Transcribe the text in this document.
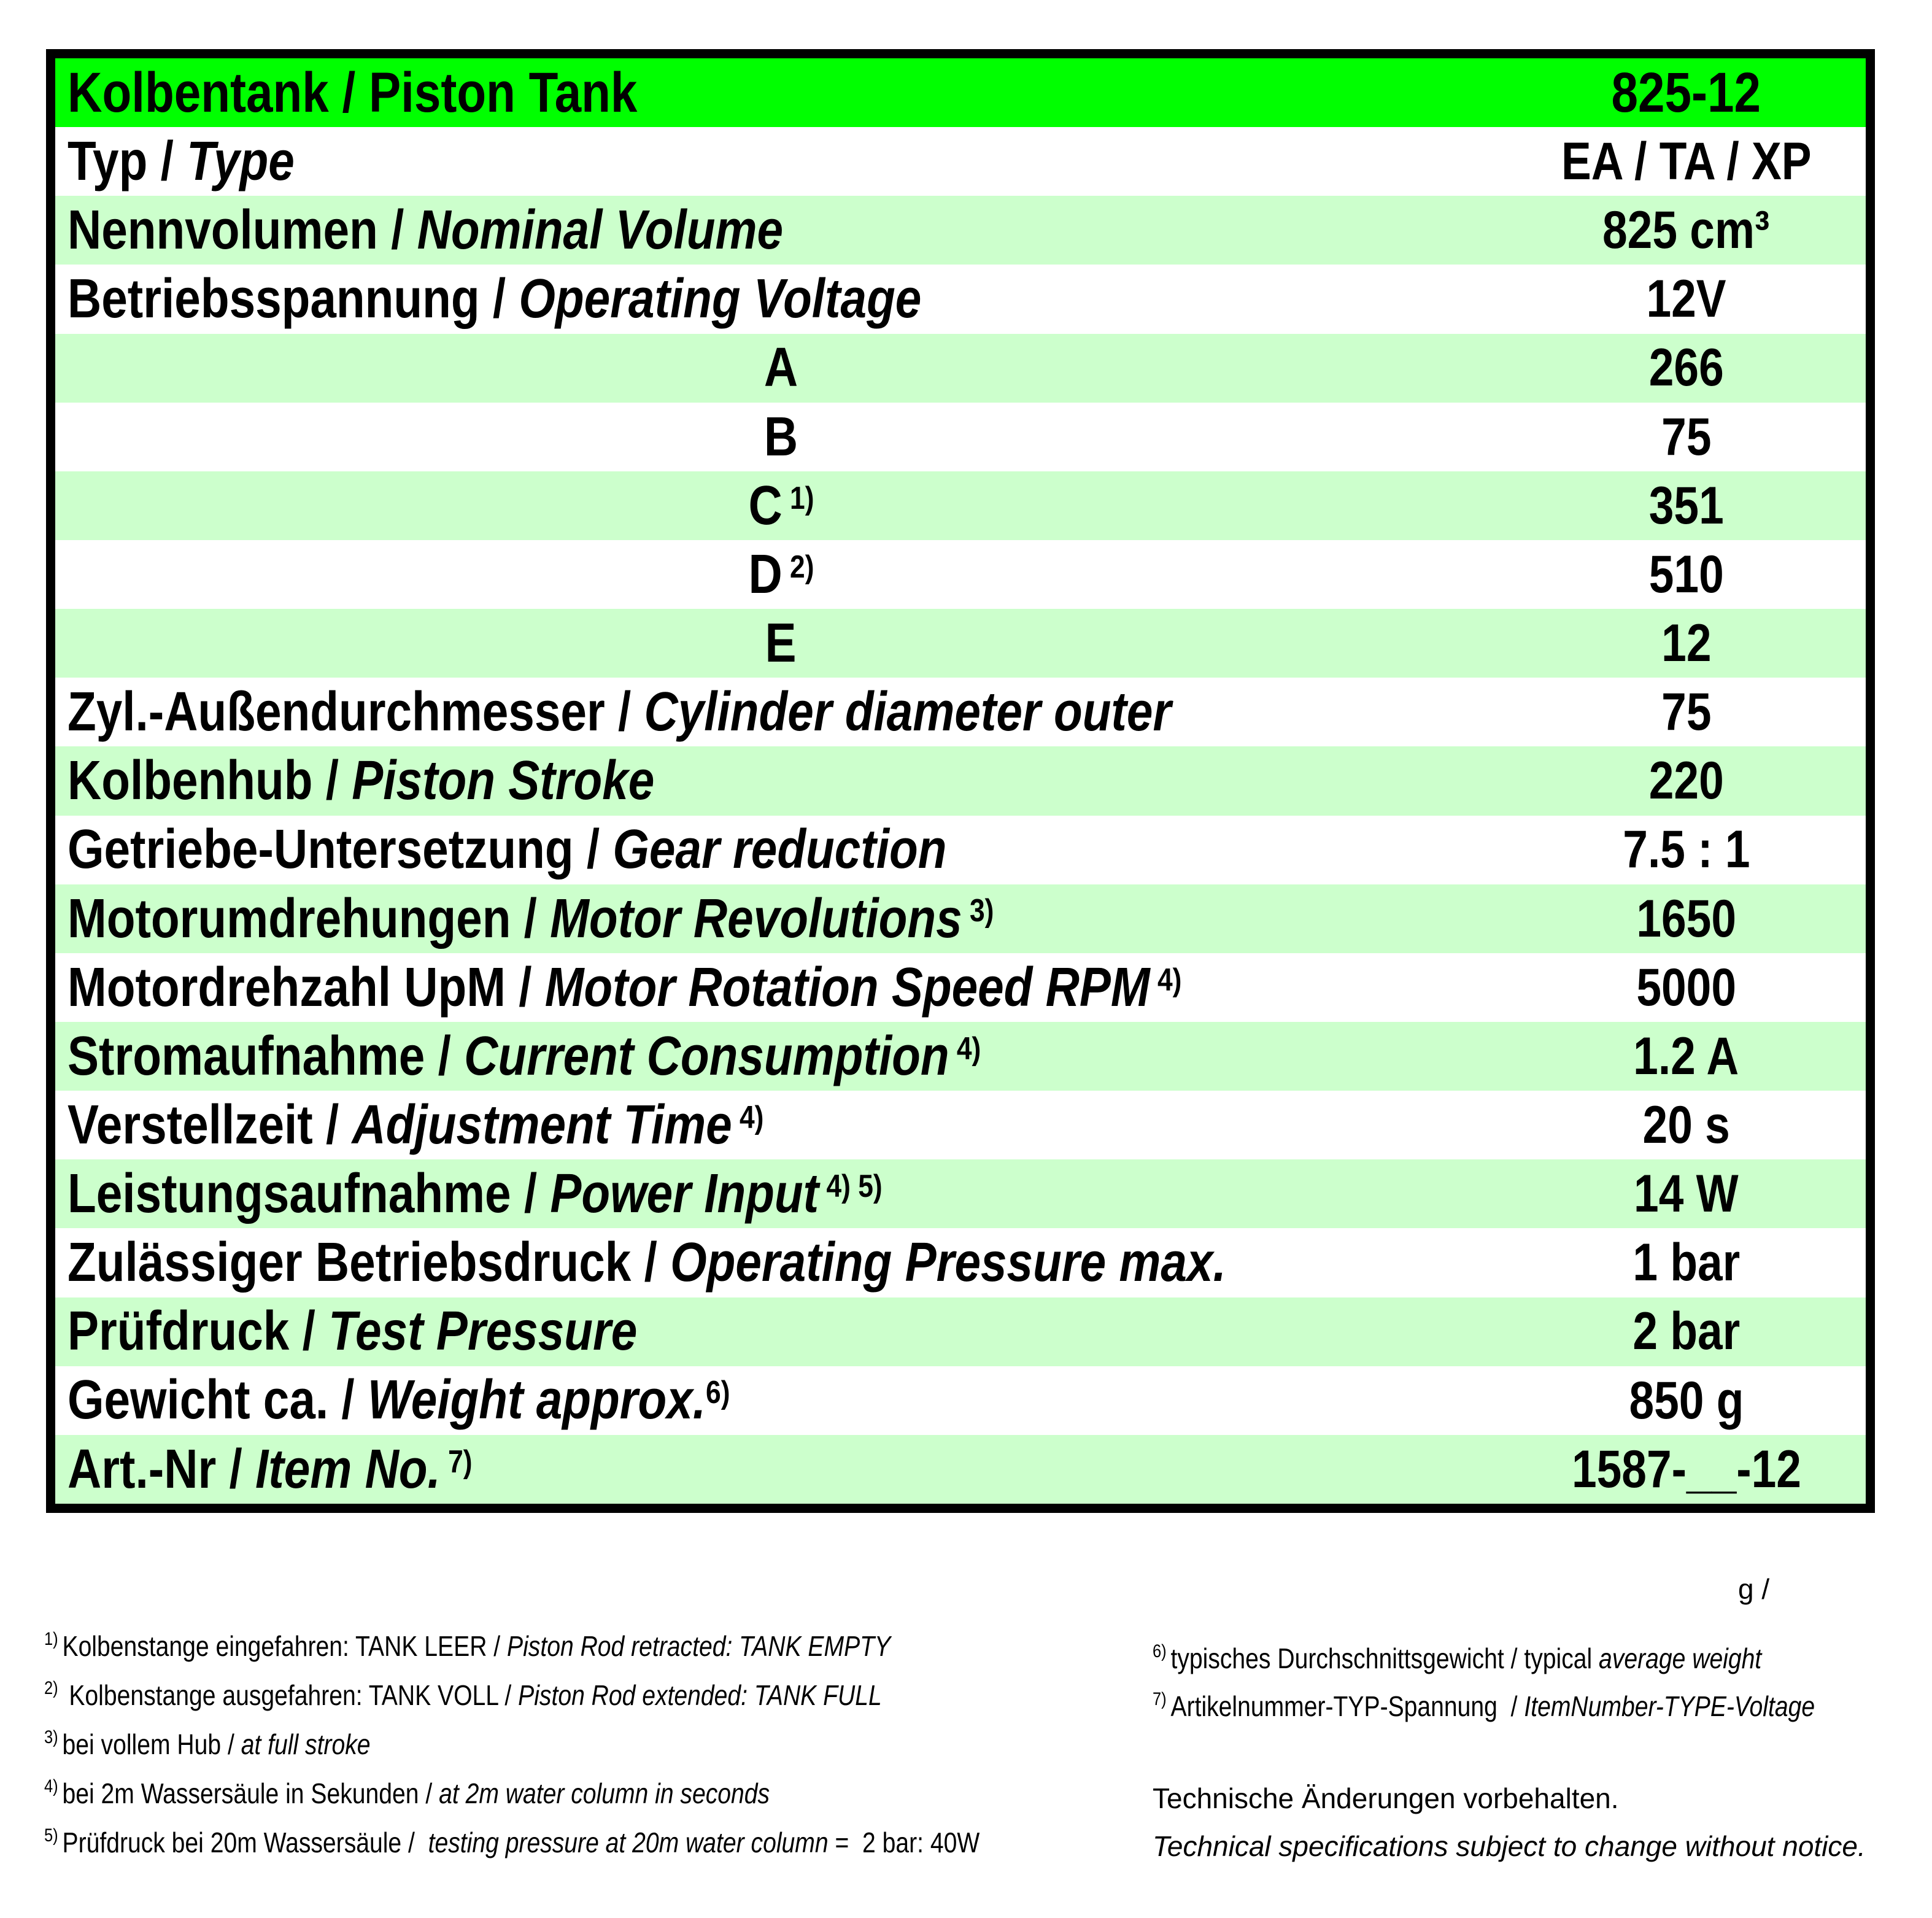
Kolbentank / Piston Tank	825-12
Typ / Type	EA / TA / XP
Nennvolumen / Nominal Volume	825 cm³
Betriebsspannung / Operating Voltage	12V
A	266
B	75
C $^{1)}$	351
D $^{2)}$	510
E	12
Zyl.-Außendurchmesser / Cylinder diameter outer	75
Kolbenhub / Piston Stroke	220
Getriebe-Untersetzung / Gear reduction	7.5 : 1
Motorumdrehungen / Motor Revolutions $^{3)}$	1650
Motordrehzahl UpM / Motor Rotation Speed RPM $^{4)}$	5000
Stromaufnahme / Current Consumption $^{4)}$	1.2 A
Verstellzeit / Adjustment Time $^{4)}$	20 s
Leistungsaufnahme / Power Input $^{4) 5)}$	14 W
Zulässiger Betriebsdruck / Operating Pressure max.	1 bar
Prüfdruck / Test Pressure	2 bar
Gewicht ca. / Weight approx.$^{6)}$	850 g
Art.-Nr / Item No. $^{7)}$	1587-__-12
$^{1)}$ Kolbenstange eingefahren: TANK LEER / Piston Rod retracted: TANK EMPTY
$^{2)}$ Kolbenstange ausgefahren: TANK VOLL / Piston Rod extended: TANK FULL
$^{3)}$ bei vollem Hub / at full stroke
$^{4)}$ bei 2m Wassersäule in Sekunden / at 2m water column in seconds
$^{5)}$ Prüfdruck bei 20m Wassersäule /  testing pressure at 20m water column =  2 bar: 40W
g /
$^{6)}$ typisches Durchschnittsgewicht / typical average weight
$^{7)}$ Artikelnummer-TYP-Spannung  / ItemNumber-TYPE-Voltage
Technische Änderungen vorbehalten.
Technical specifications subject to change without notice.
